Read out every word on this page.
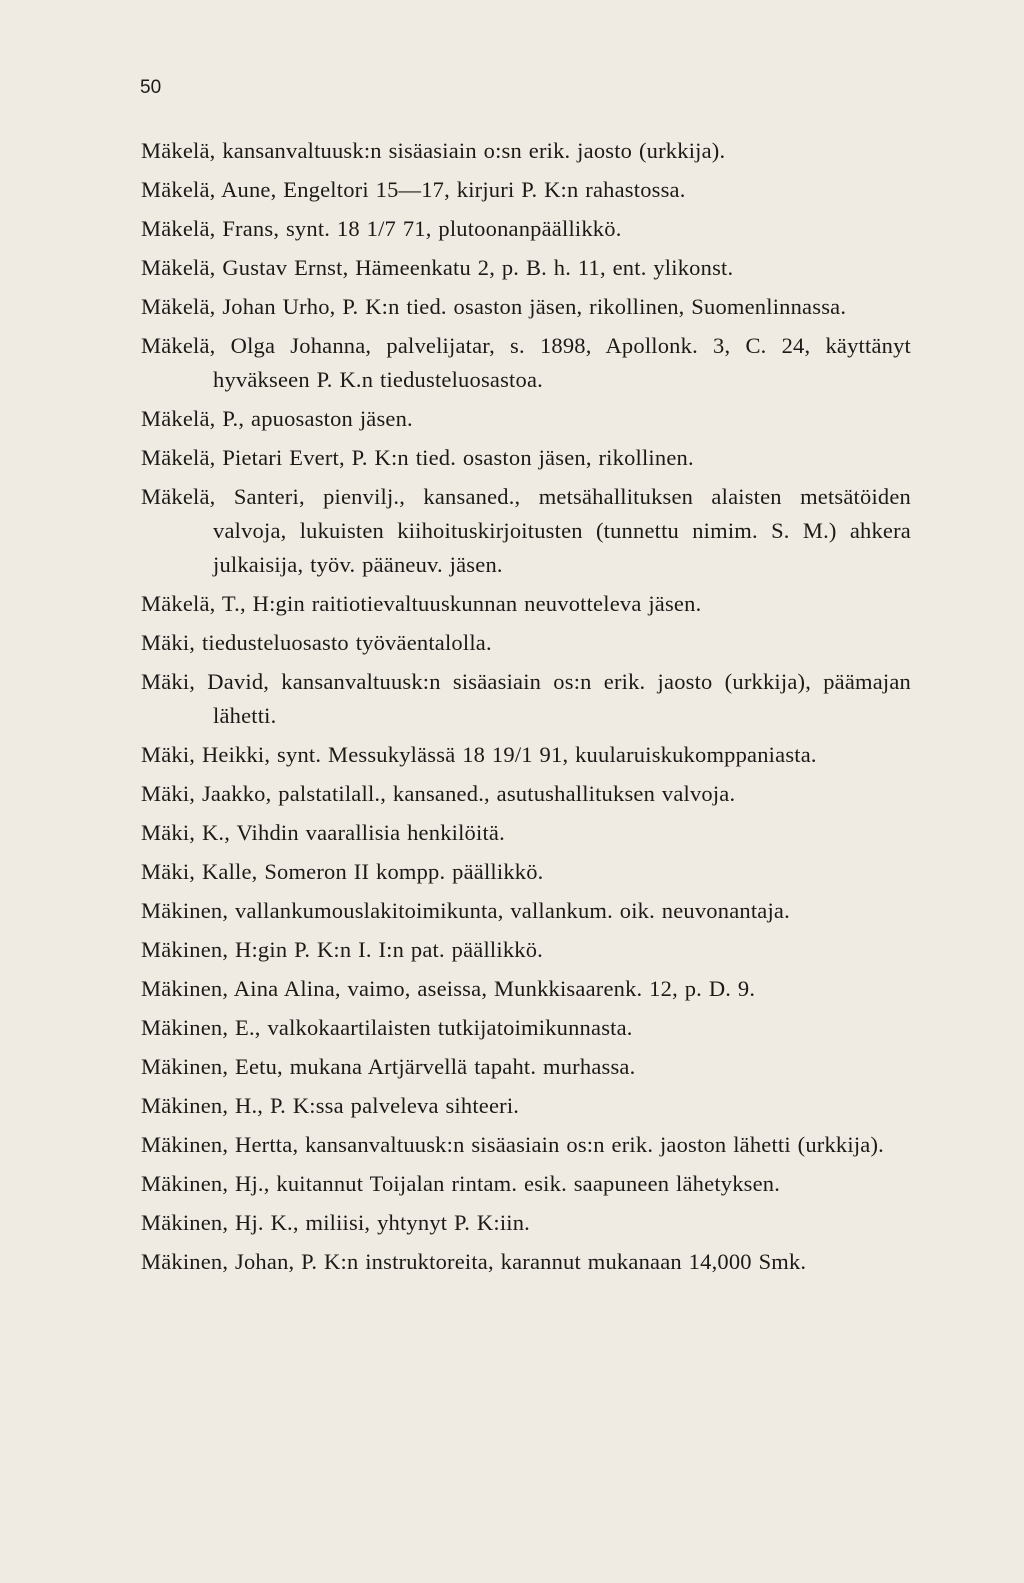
50

Mäkelä, kansanvaltuusk:n sisäasiain o:sn erik. jaosto (urkkija).

Mäkelä, Aune, Engeltori 15—17, kirjuri P. K:n rahastossa.

Mäkelä, Frans, synt. 18 1/7 71, plutoonanpäällikkö.

Mäkelä, Gustav Ernst, Hämeenkatu 2, p. B. h. 11, ent. ylikonst.

Mäkelä, Johan Urho, P. K:n tied. osaston jäsen, rikollinen, Suomenlinnassa.

Mäkelä, Olga Johanna, palvelijatar, s. 1898, Apollonk. 3, C. 24, käyttänyt hyväkseen P. K.n tiedusteluosastoa.

Mäkelä, P., apuosaston jäsen.

Mäkelä, Pietari Evert, P. K:n tied. osaston jäsen, rikollinen.

Mäkelä, Santeri, pienvilj., kansaned., metsähallituksen alaisten metsätöiden valvoja, lukuisten kiihoituskirjoitusten (tunnettu nimim. S. M.) ahkera julkaisija, työv. pääneuv. jäsen.

Mäkelä, T., H:gin raitiotievaltuuskunnan neuvotteleva jäsen.

Mäki, tiedusteluosasto työväentalolla.

Mäki, David, kansanvaltuusk:n sisäasiain os:n erik. jaosto (urkkija), päämajan lähetti.

Mäki, Heikki, synt. Messukylässä 18 19/1 91, kuularuiskukomppaniasta.

Mäki, Jaakko, palstatilall., kansaned., asutushallituksen valvoja.

Mäki, K., Vihdin vaarallisia henkilöitä.

Mäki, Kalle, Someron II kompp. päällikkö.

Mäkinen, vallankumouslakitoimikunta, vallankum. oik. neuvonantaja.

Mäkinen, H:gin P. K:n I. I:n pat. päällikkö.

Mäkinen, Aina Alina, vaimo, aseissa, Munkkisaarenk. 12, p. D. 9.

Mäkinen, E., valkokaartilaisten tutkijatoimikunnasta.

Mäkinen, Eetu, mukana Artjärvellä tapaht. murhassa.

Mäkinen, H., P. K:ssa palveleva sihteeri.

Mäkinen, Hertta, kansanvaltuusk:n sisäasiain os:n erik. jaoston lähetti (urkkija).

Mäkinen, Hj., kuitannut Toijalan rintam. esik. saapuneen lähetyksen.

Mäkinen, Hj. K., miliisi, yhtynyt P. K:iin.

Mäkinen, Johan, P. K:n instruktoreita, karannut mukanaan 14,000 Smk.
